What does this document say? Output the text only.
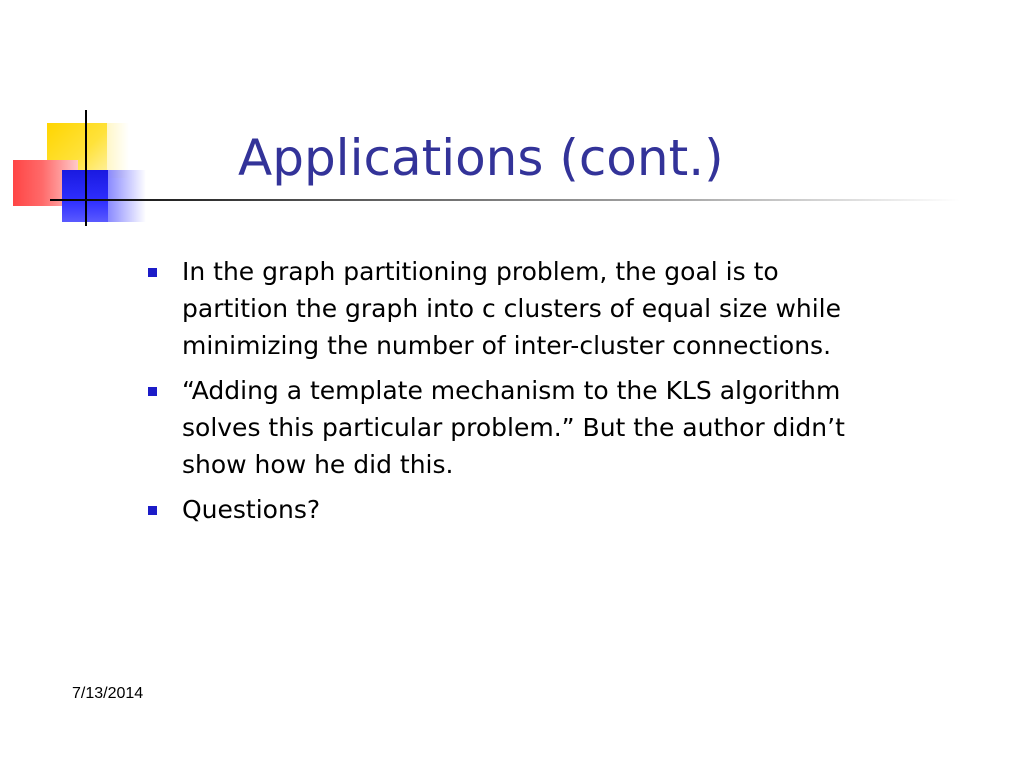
Applications (cont.)
In the graph partitioning problem, the goal is to partition the graph into c clusters of equal size while minimizing the number of inter-cluster connections.
“Adding a template mechanism to the KLS algorithm solves this particular problem.” But the author didn’t show how he did this.
Questions?
7/13/2014
